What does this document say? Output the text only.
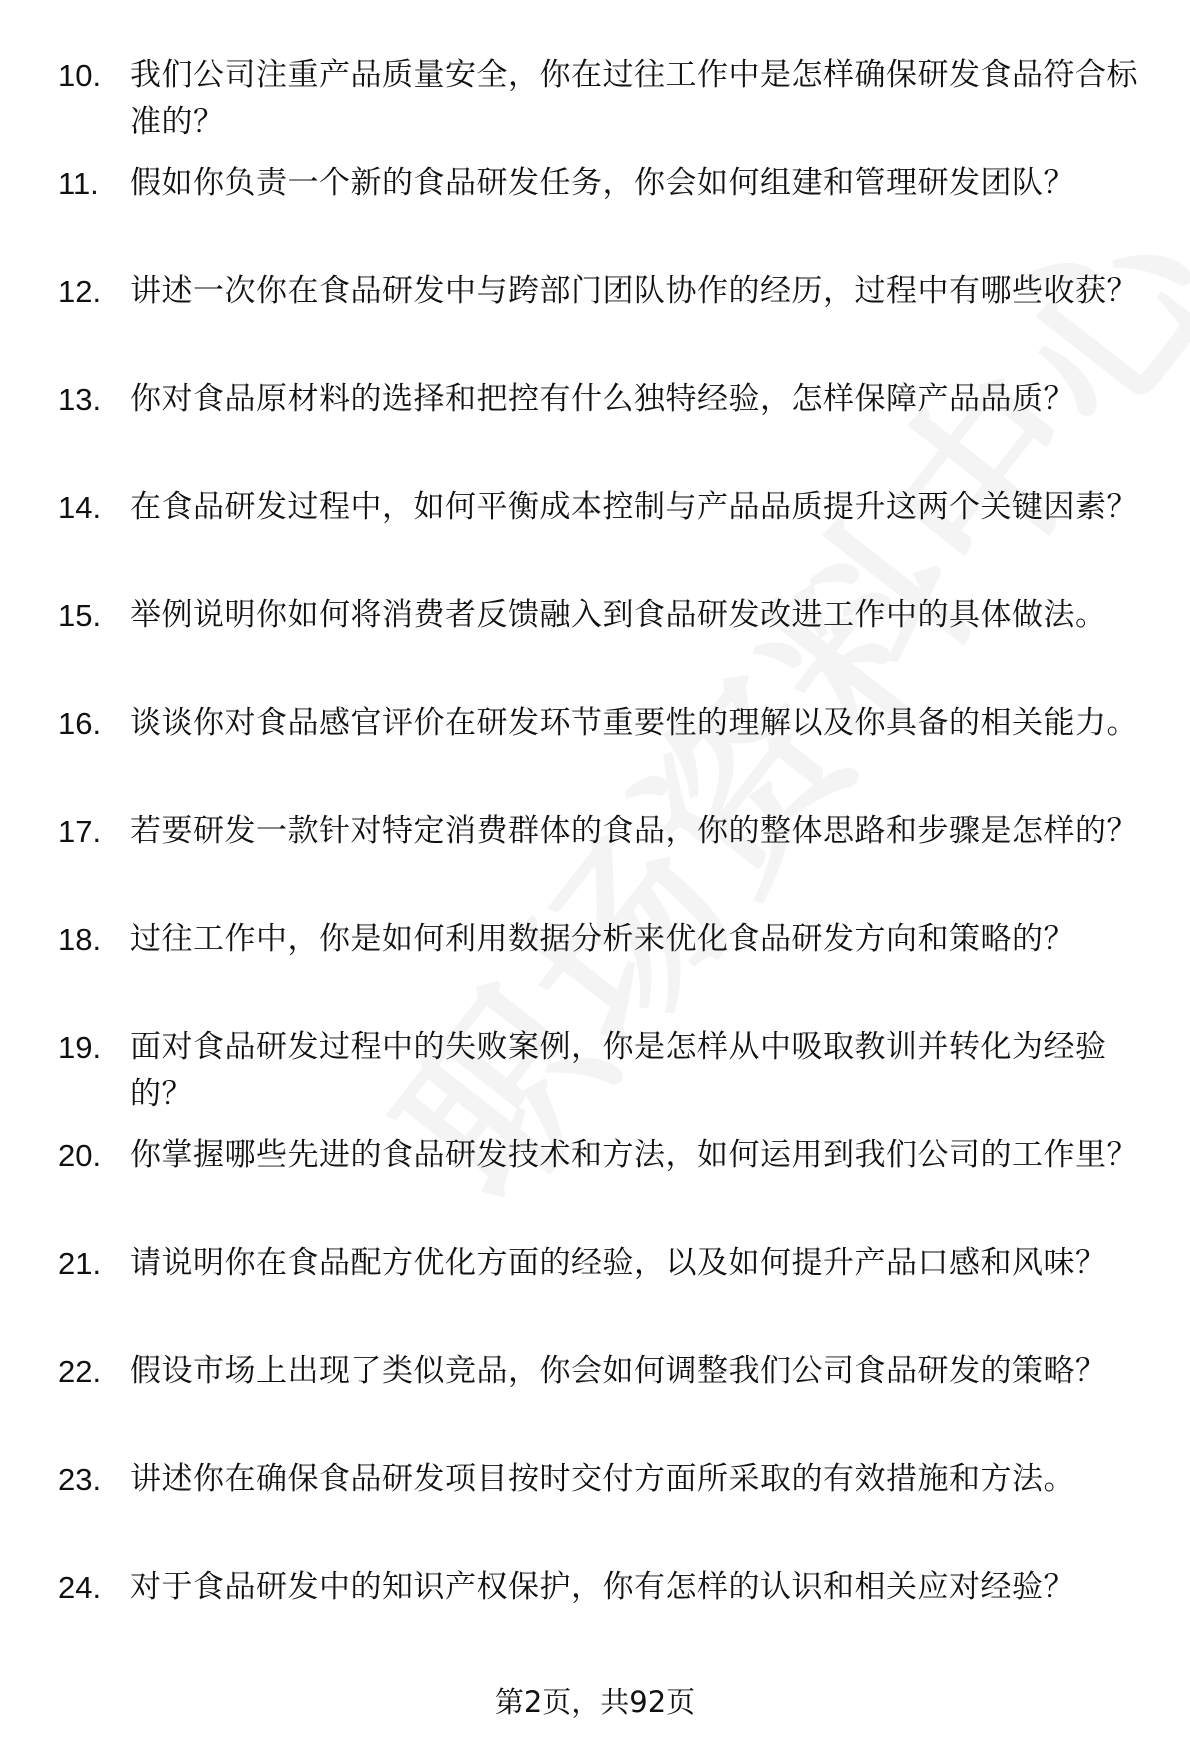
10. 我们公司注重产品质量安全，你在过往工作中是怎样确保研发食品符合标准的？
11.	假如你负责一个新的食品研发任务，你会如何组建和管理研发团队？
12. 讲述一次你在食品研发中与跨部门团队协作的经历，过程中有哪些收获？
13. 你对食品原材料的选择和把控有什么独特经验，怎样保障产品品质？
14. 在食品研发过程中，如何平衡成本控制与产品品质提升这两个关键因素？
15. 举例说明你如何将消费者反馈融入到食品研发改进工作中的具体做法。
16. 谈谈你对食品感官评价在研发环节重要性的理解以及你具备的相关能力。
17. 若要研发一款针对特定消费群体的食品，你的整体思路和步骤是怎样的？
18. 过往工作中，你是如何利用数据分析来优化食品研发方向和策略的？
19. 面对食品研发过程中的失败案例，你是怎样从中吸取教训并转化为经验的？
20. 你掌握哪些先进的食品研发技术和方法，如何运用到我们公司的工作里？
21. 请说明你在食品配方优化方面的经验，以及如何提升产品口感和风味？
22. 假设市场上出现了类似竞品，你会如何调整我们公司食品研发的策略？
23. 讲述你在确保食品研发项目按时交付方面所采取的有效措施和方法。
24. 对于食品研发中的知识产权保护，你有怎样的认识和相关应对经验？
第2页，共92页
